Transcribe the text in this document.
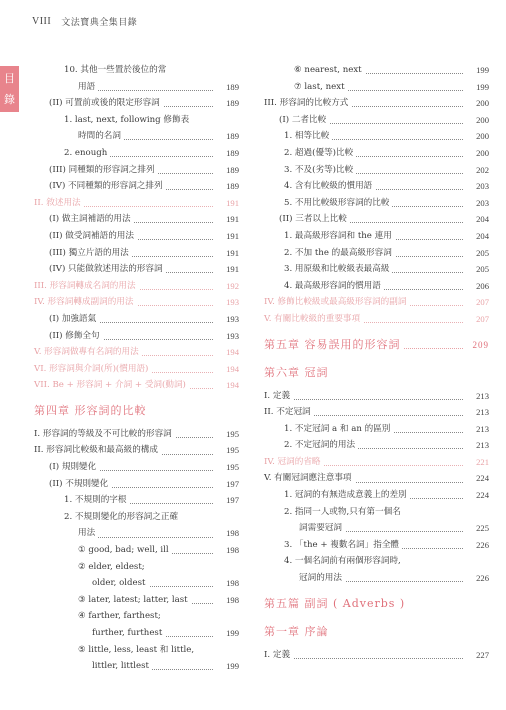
VIII 文法寶典全集目錄
目錄
10. 其他一些置於後位的常
用語	189
(II) 可置前或後的限定形容詞	189
1. last, next, following 修飾表
時間的名詞	189
2. enough	189
(III) 同種類的形容詞之排列	189
(IV) 不同種類的形容詞之排列	189
II. 敘述用法	191
(I) 做主詞補語的用法	191
(II) 做受詞補語的用法	191
(III) 獨立片語的用法	191
(IV) 只能做敘述用法的形容詞	191
III. 形容詞轉成名詞的用法	192
IV. 形容詞轉成副詞的用法	193
(I) 加強語氣	193
(II) 修飾全句	193
V. 形容詞做專有名詞的用法	194
VI. 形容詞與介詞(所)(慣用語)	194
VII. Be + 形容詞 + 介詞 + 受詞(動詞)	194
第四章 形容詞的比較
I. 形容詞的等級及不可比較的形容詞	195
II. 形容詞比較級和最高級的構成	195
(I) 規則變化	195
(II) 不規則變化	197
1. 不規則的字根	197
2. 不規則變化的形容詞之正確
用法	198
① good, bad; well, ill	198
② elder, eldest;
older, oldest	198
③ later, latest; latter, last	198
④ farther, farthest;
further, furthest	199
⑤ little, less, least 和 little,
littler, littlest	199
⑥ nearest, next	199
⑦ last, next	199
III. 形容詞的比較方式	200
(I) 二者比較	200
1. 相等比較	200
2. 超過(優等)比較	200
3. 不及(劣等)比較	202
4. 含有比較級的慣用語	203
5. 不用比較級形容詞的比較	203
(II) 三者以上比較	204
1. 最高級形容詞和 the 連用	204
2. 不加 the 的最高級形容詞	205
3. 用原級和比較級表最高級	205
4. 最高級形容詞的慣用語	206
IV. 修飾比較級或最高級形容詞的副詞	207
V. 有關比較級的重要事項	207
第五章 容易誤用的形容詞	209
第六章 冠詞
I. 定義	213
II. 不定冠詞	213
1. 不定冠詞 a 和 an 的區別	213
2. 不定冠詞的用法	213
IV. 冠詞的省略	221
V. 有關冠詞應注意事項	224
1. 冠詞的有無造成意義上的差別	224
2. 指同一人或物,只有第一個名
詞需要冠詞	225
3. 「the + 複數名詞」指全體	226
4. 一個名詞前有兩個形容詞時,
冠詞的用法	226
第五篇 副詞 ( Adverbs )
第一章 序論
I. 定義	227
